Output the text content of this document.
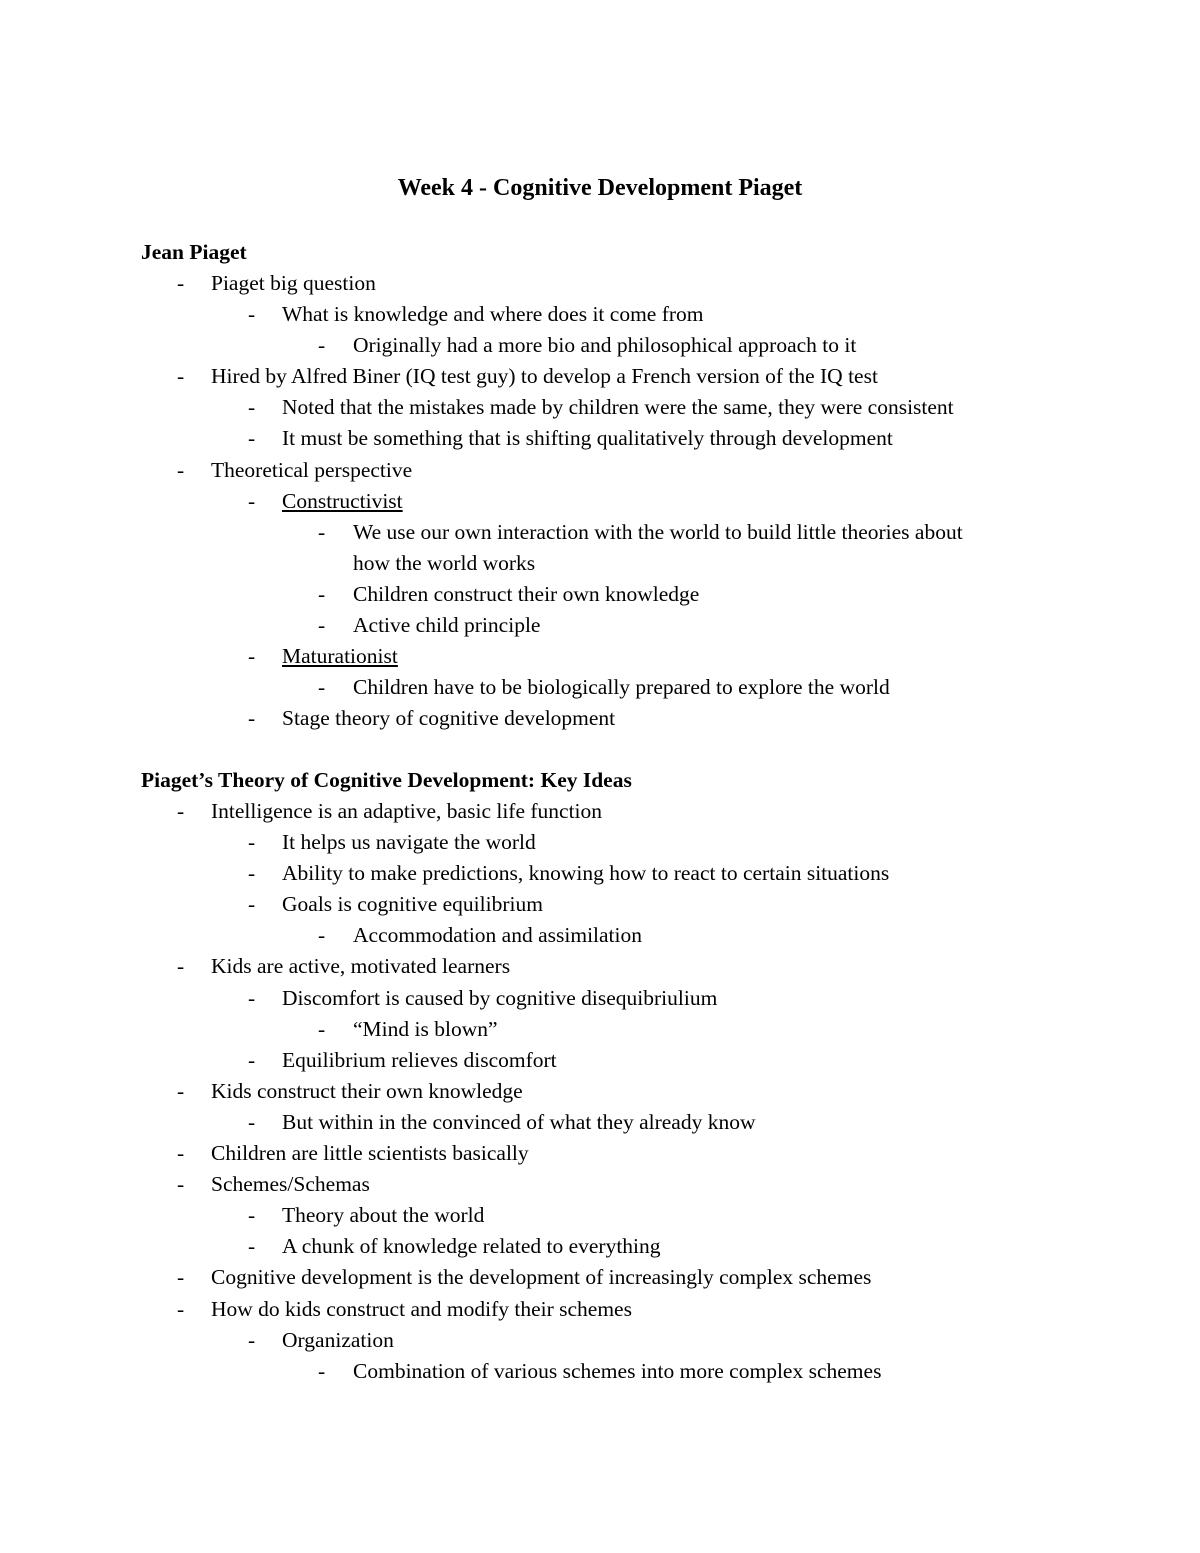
Week 4 - Cognitive Development Piaget
Jean Piaget
- Piaget big question
- What is knowledge and where does it come from
- Originally had a more bio and philosophical approach to it
- Hired by Alfred Biner (IQ test guy) to develop a French version of the IQ test
- Noted that the mistakes made by children were the same, they were consistent
- It must be something that is shifting qualitatively through development
- Theoretical perspective
- Constructivist
- We use our own interaction with the world to build little theories about
how the world works
- Children construct their own knowledge
- Active child principle
- Maturationist
- Children have to be biologically prepared to explore the world
- Stage theory of cognitive development
Piaget’s Theory of Cognitive Development: Key Ideas
- Intelligence is an adaptive, basic life function
- It helps us navigate the world
- Ability to make predictions, knowing how to react to certain situations
- Goals is cognitive equilibrium
- Accommodation and assimilation
- Kids are active, motivated learners
- Discomfort is caused by cognitive disequibriulium
- “Mind is blown”
- Equilibrium relieves discomfort
- Kids construct their own knowledge
- But within in the convinced of what they already know
- Children are little scientists basically
- Schemes/Schemas
- Theory about the world
- A chunk of knowledge related to everything
- Cognitive development is the development of increasingly complex schemes
- How do kids construct and modify their schemes
- Organization
- Combination of various schemes into more complex schemes
